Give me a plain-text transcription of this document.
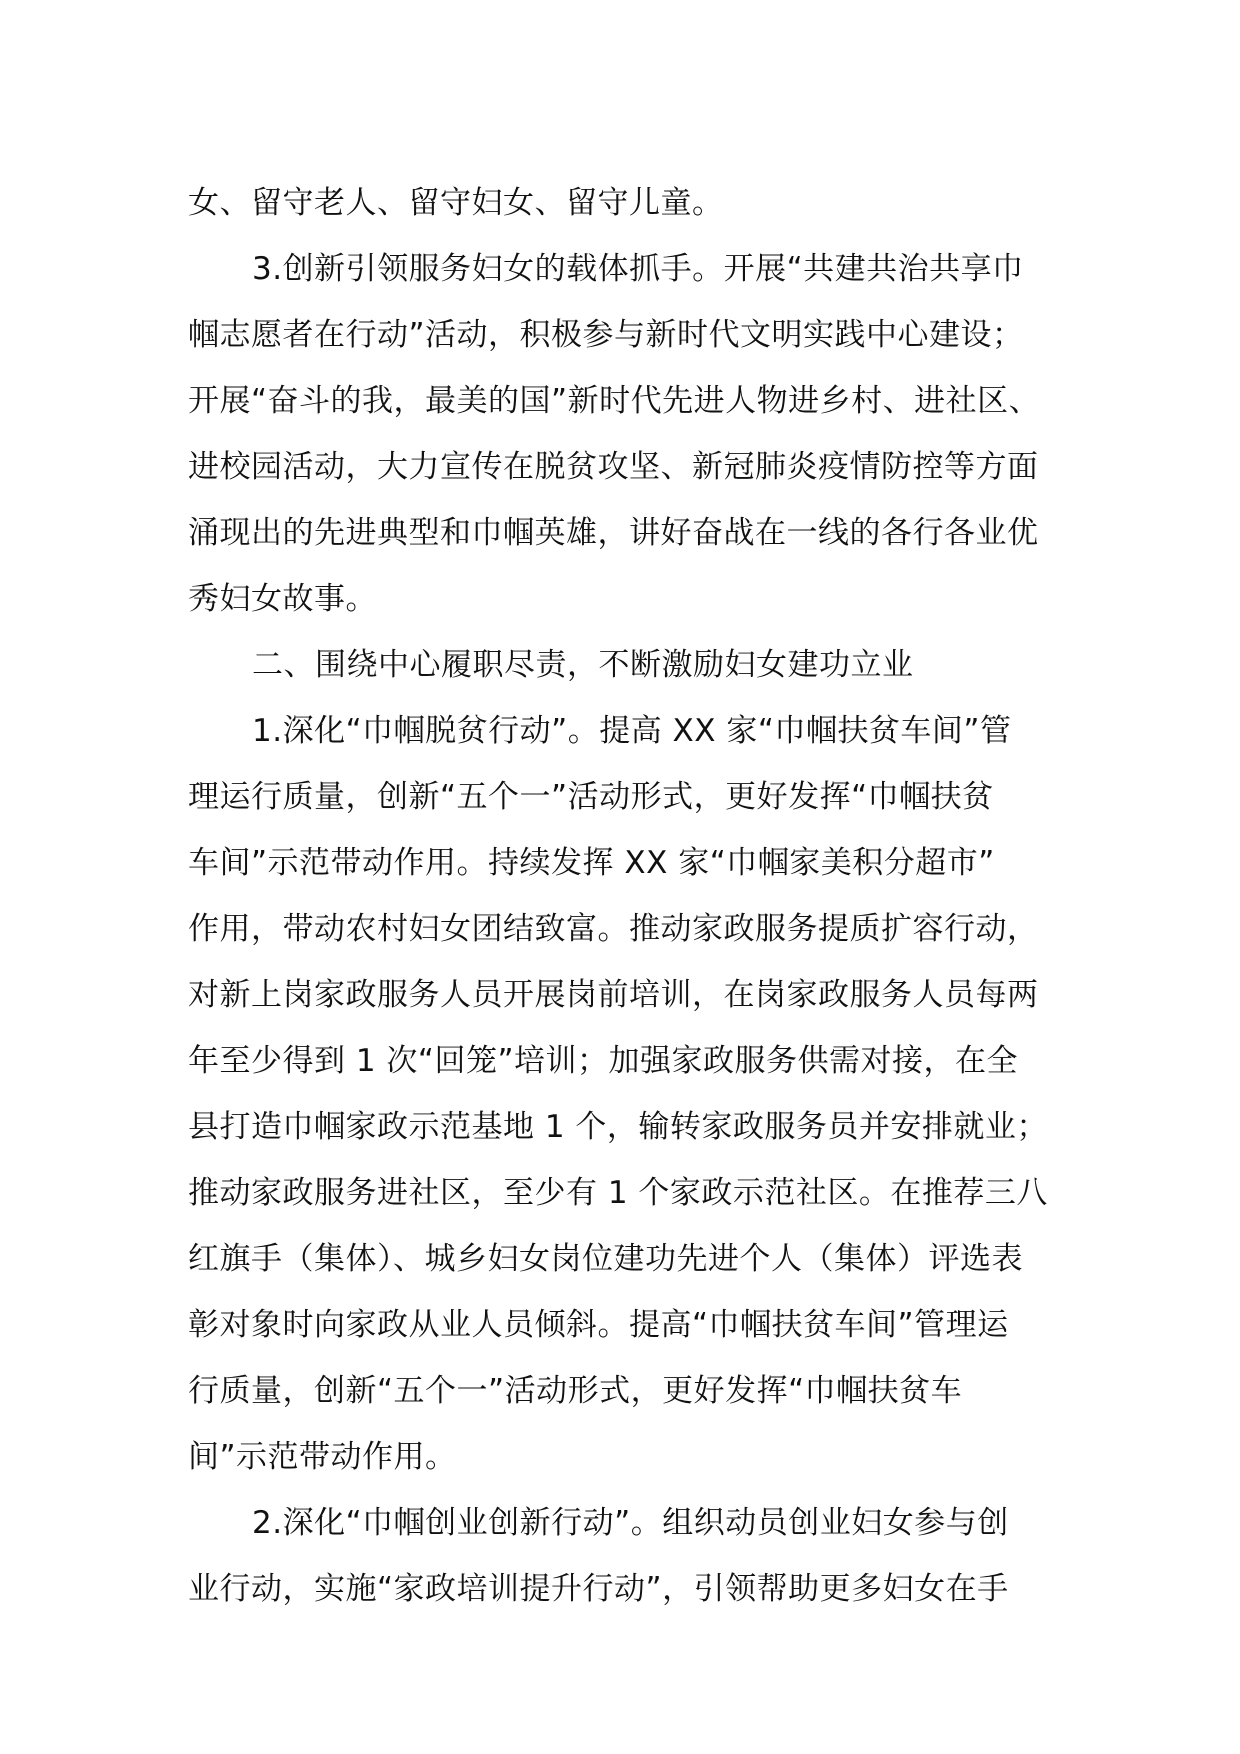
女、留守老人、留守妇女、留守儿童。
3.创新引领服务妇女的载体抓手。开展“共建共治共享巾
帼志愿者在行动”活动，积极参与新时代文明实践中心建设；
开展“奋斗的我，最美的国”新时代先进人物进乡村、进社区、
进校园活动，大力宣传在脱贫攻坚、新冠肺炎疫情防控等方面
涌现出的先进典型和巾帼英雄，讲好奋战在一线的各行各业优
秀妇女故事。
二、围绕中心履职尽责，不断激励妇女建功立业
1.深化“巾帼脱贫行动”。提高 XX 家“巾帼扶贫车间”管
理运行质量，创新“五个一”活动形式，更好发挥“巾帼扶贫
车间”示范带动作用。持续发挥 XX 家“巾帼家美积分超市”
作用，带动农村妇女团结致富。推动家政服务提质扩容行动，
对新上岗家政服务人员开展岗前培训，在岗家政服务人员每两
年至少得到 1 次“回笼”培训；加强家政服务供需对接，在全
县打造巾帼家政示范基地 1 个，输转家政服务员并安排就业；
推动家政服务进社区，至少有 1 个家政示范社区。在推荐三八
红旗手（集体）、城乡妇女岗位建功先进个人（集体）评选表
彰对象时向家政从业人员倾斜。提高“巾帼扶贫车间”管理运
行质量，创新“五个一”活动形式，更好发挥“巾帼扶贫车
间”示范带动作用。
2.深化“巾帼创业创新行动”。组织动员创业妇女参与创
业行动，实施“家政培训提升行动”，引领帮助更多妇女在手
